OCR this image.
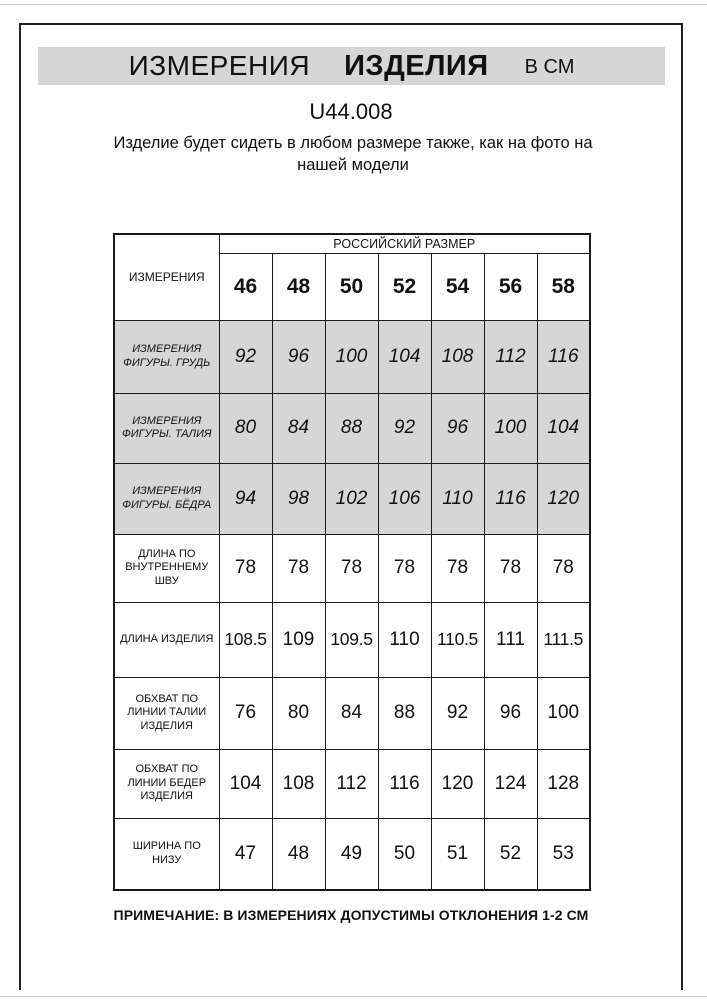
ИЗМЕРЕНИЯ ИЗДЕЛИЯ В СМ
U44.008
Изделие будет сидеть в любом размере также, как на фото на нашей модели
ИЗМЕРЕНИЯ	РОССИЙСКИЙ РАЗМЕР						
	46	48	50	52	54	56	58
ИЗМЕРЕНИЯ ФИГУРЫ. ГРУДЬ	92	96	100	104	108	112	116
ИЗМЕРЕНИЯ ФИГУРЫ. ТАЛИЯ	80	84	88	92	96	100	104
ИЗМЕРЕНИЯ ФИГУРЫ. БЁДРА	94	98	102	106	110	116	120
ДЛИНА ПО ВНУТРЕННЕМУ ШВУ	78	78	78	78	78	78	78
ДЛИНА ИЗДЕЛИЯ	108.5	109	109.5	110	110.5	111	111.5
ОБХВАТ ПО ЛИНИИ ТАЛИИ ИЗДЕЛИЯ	76	80	84	88	92	96	100
ОБХВАТ ПО ЛИНИИ БЕДЕР ИЗДЕЛИЯ	104	108	112	116	120	124	128
ШИРИНА ПО НИЗУ	47	48	49	50	51	52	53
ПРИМЕЧАНИЕ: В ИЗМЕРЕНИЯХ ДОПУСТИМЫ ОТКЛОНЕНИЯ 1-2 СМ
